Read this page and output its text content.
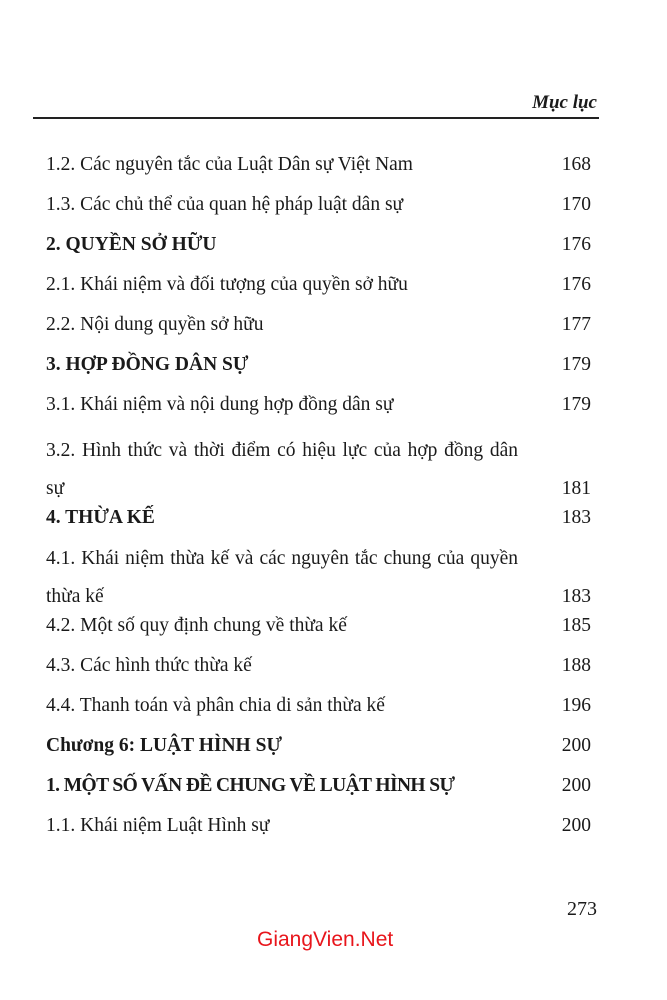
Mục lục
1.2. Các nguyên tắc của Luật Dân sự Việt Nam	168
1.3. Các chủ thể của quan hệ pháp luật dân sự	170
2. QUYỀN SỞ HỮU	176
2.1. Khái niệm và đối tượng của quyền sở hữu	176
2.2. Nội dung quyền sở hữu	177
3. HỢP ĐỒNG DÂN SỰ	179
3.1. Khái niệm và nội dung hợp đồng dân sự	179
3.2. Hình thức và thời điểm có hiệu lực của hợp đồng dân sự	181
4. THỪA KẾ	183
4.1. Khái niệm thừa kế và các nguyên tắc chung của quyền thừa kế	183
4.2. Một số quy định chung về thừa kế	185
4.3. Các hình thức thừa kế	188
4.4. Thanh toán và phân chia di sản thừa kế	196
Chương 6: LUẬT HÌNH SỰ	200
1. MỘT SỐ VẤN ĐỀ CHUNG VỀ LUẬT HÌNH SỰ	200
1.1. Khái niệm Luật Hình sự	200
273
GiangVien.Net
